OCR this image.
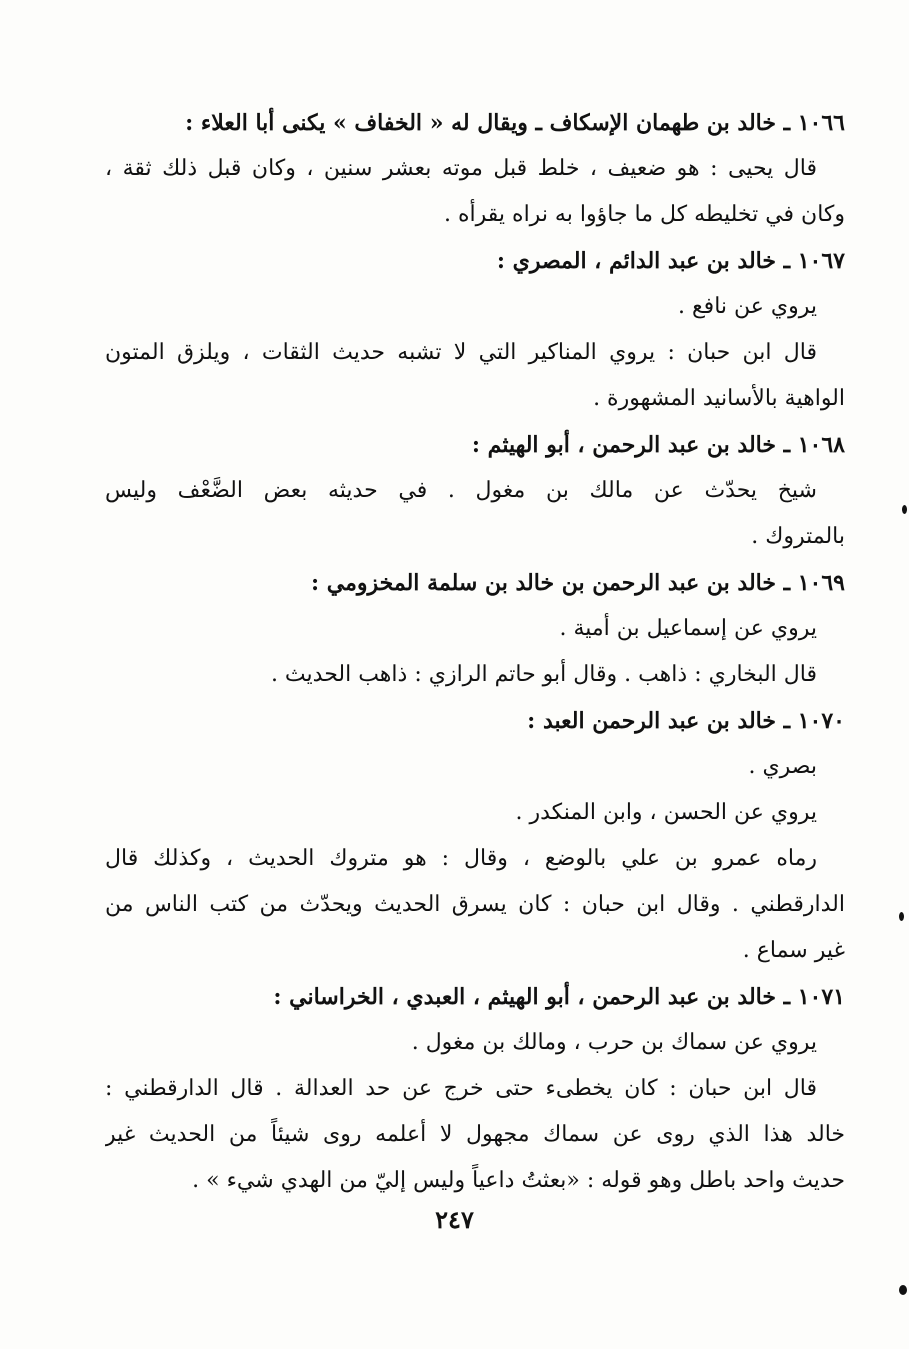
١٠٦٦ ـ خالد بن طهمان الإسكاف ـ ويقال له « الخفاف » يكنى أبا العلاء :
قال يحيى : هو ضعيف ، خلط قبل موته بعشر سنين ، وكان قبل ذلك ثقة ،
وكان في تخليطه كل ما جاؤوا به نراه يقرأه .
١٠٦٧ ـ خالد بن عبد الدائم ، المصري :
يروي عن نافع .
قال ابن حبان : يروي المناكير التي لا تشبه حديث الثقات ، ويلزق المتون
الواهية بالأسانيد المشهورة .
١٠٦٨ ـ خالد بن عبد الرحمن ، أبو الهيثم :
شيخ يحدّث عن مالك بن مغول . في حديثه بعض الضَّعْف وليس
بالمتروك .
١٠٦٩ ـ خالد بن عبد الرحمن بن خالد بن سلمة المخزومي :
يروي عن إسماعيل بن أمية .
قال البخاري : ذاهب . وقال أبو حاتم الرازي : ذاهب الحديث .
١٠٧٠ ـ خالد بن عبد الرحمن العبد :
بصري .
يروي عن الحسن ، وابن المنكدر .
رماه عمرو بن علي بالوضع ، وقال : هو متروك الحديث ، وكذلك قال
الدارقطني . وقال ابن حبان : كان يسرق الحديث ويحدّث من كتب الناس من
غير سماع .
١٠٧١ ـ خالد بن عبد الرحمن ، أبو الهيثم ، العبدي ، الخراساني :
يروي عن سماك بن حرب ، ومالك بن مغول .
قال ابن حبان : كان يخطىء حتى خرج عن حد العدالة . قال الدارقطني :
خالد هذا الذي روى عن سماك مجهول لا أعلمه روى شيئاً من الحديث غير
حديث واحد باطل وهو قوله : «بعثتُ داعياً وليس إليّ من الهدي شيء » .
٢٤٧
